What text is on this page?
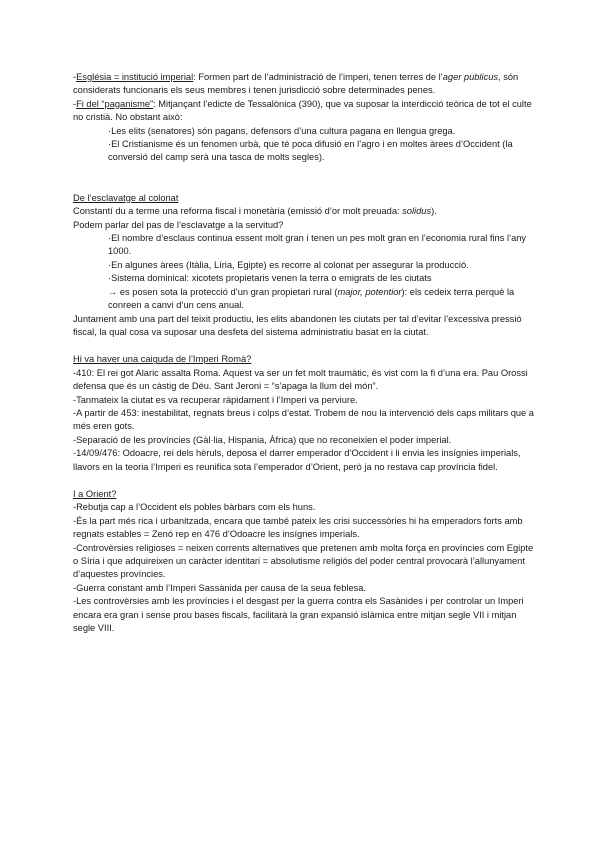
-Església = institució imperial: Formen part de l’administració de l’imperi, tenen terres de l’ager publicus, són considerats funcionaris els seus membres i tenen jurisdicció sobre determinades penes.

-Fi del “paganisme”: Mitjançant l’edicte de Tessalònica (390), que va suposar la interdicció teòrica de tot el culte no cristià. No obstant això:

·Les elits (senatores) són pagans, defensors d’una cultura pagana en llengua grega.

·El Cristianisme és un fenomen urbà, que té poca difusió en l’agro i en moltes àrees d’Occident (la conversió del camp serà una tasca de molts segles).

De l’esclavatge al colonat

Constantí du a terme una reforma fiscal i monetària (emissió d’or molt preuada: solidus).

Podem parlar del pas de l’esclavatge a la servitud?

·El nombre d’esclaus continua essent molt gran i tenen un pes molt gran en l’economia rural fins l’any 1000.

·En algunes àrees (Itàlia, Líria, Egipte) es recorre al colonat per assegurar la producció.

·Sistema dominical: xicotets propietaris venen la terra o emigrats de les ciutats

→ es posen sota la protecció d’un gran propietari rural (major, potentior): els cedeix terra perquè la conreen a canvi d’un cens anual.

Juntament amb una part del teixit productiu, les elits abandonen les ciutats per tal d’evitar l’excessiva pressió fiscal, la qual cosa va suposar una desfeta del sistema administratiu basat en la ciutat.

Hi va haver una caiguda de l’Imperi Romà?

-410: El rei got Alaric assalta Roma. Aquest va ser un fet molt traumàtic, és vist com la fi d’una era. Pau Orossi defensa que és un càstig de Déu. Sant Jeroni = “s’apaga la llum del món”.

-Tanmateix la ciutat es va recuperar ràpidament i l’Imperi va perviure.

-A partir de 453: inestabilitat, regnats breus i colps d’estat. Trobem de nou la intervenció dels caps militars que a més eren gots.

-Separació de les províncies (Gàl·lia, Hispania, Àfrica) que no reconeixien el poder imperial.

-14/09/476: Odoacre, rei dels hèruls, deposa el darrer emperador d’Occident i li envia les insígnies imperials, llavors en la teoria l’Imperi es reunifica sota l’emperador d’Orient, però ja no restava cap província fidel.

I a Orient?

-Rebutja cap a l’Occident els pobles bàrbars com els huns.

-És la part més rica i urbanitzada, encara que també pateix les crisi successòries hi ha emperadors forts amb regnats estables = Zenó rep en 476 d’Odoacre les insígnes imperials.

-Controvèrsies religioses = neixen corrents alternatives que pretenen amb molta força en províncies com Egipte o Síria i que adquireixen un caràcter identitari = absolutisme religiós del poder central provocarà l’allunyament d’aquestes províncies.

-Guerra constant amb l’Imperi Sassànida per causa de la seua feblesa.

-Les controvèrsies amb les províncies i el desgast per la guerra contra els Sasànides i per controlar un Imperi encara era gran i sense prou bases fiscals, facilitarà la gran expansió islàmica entre mitjan segle VII i mitjan segle VIII.
